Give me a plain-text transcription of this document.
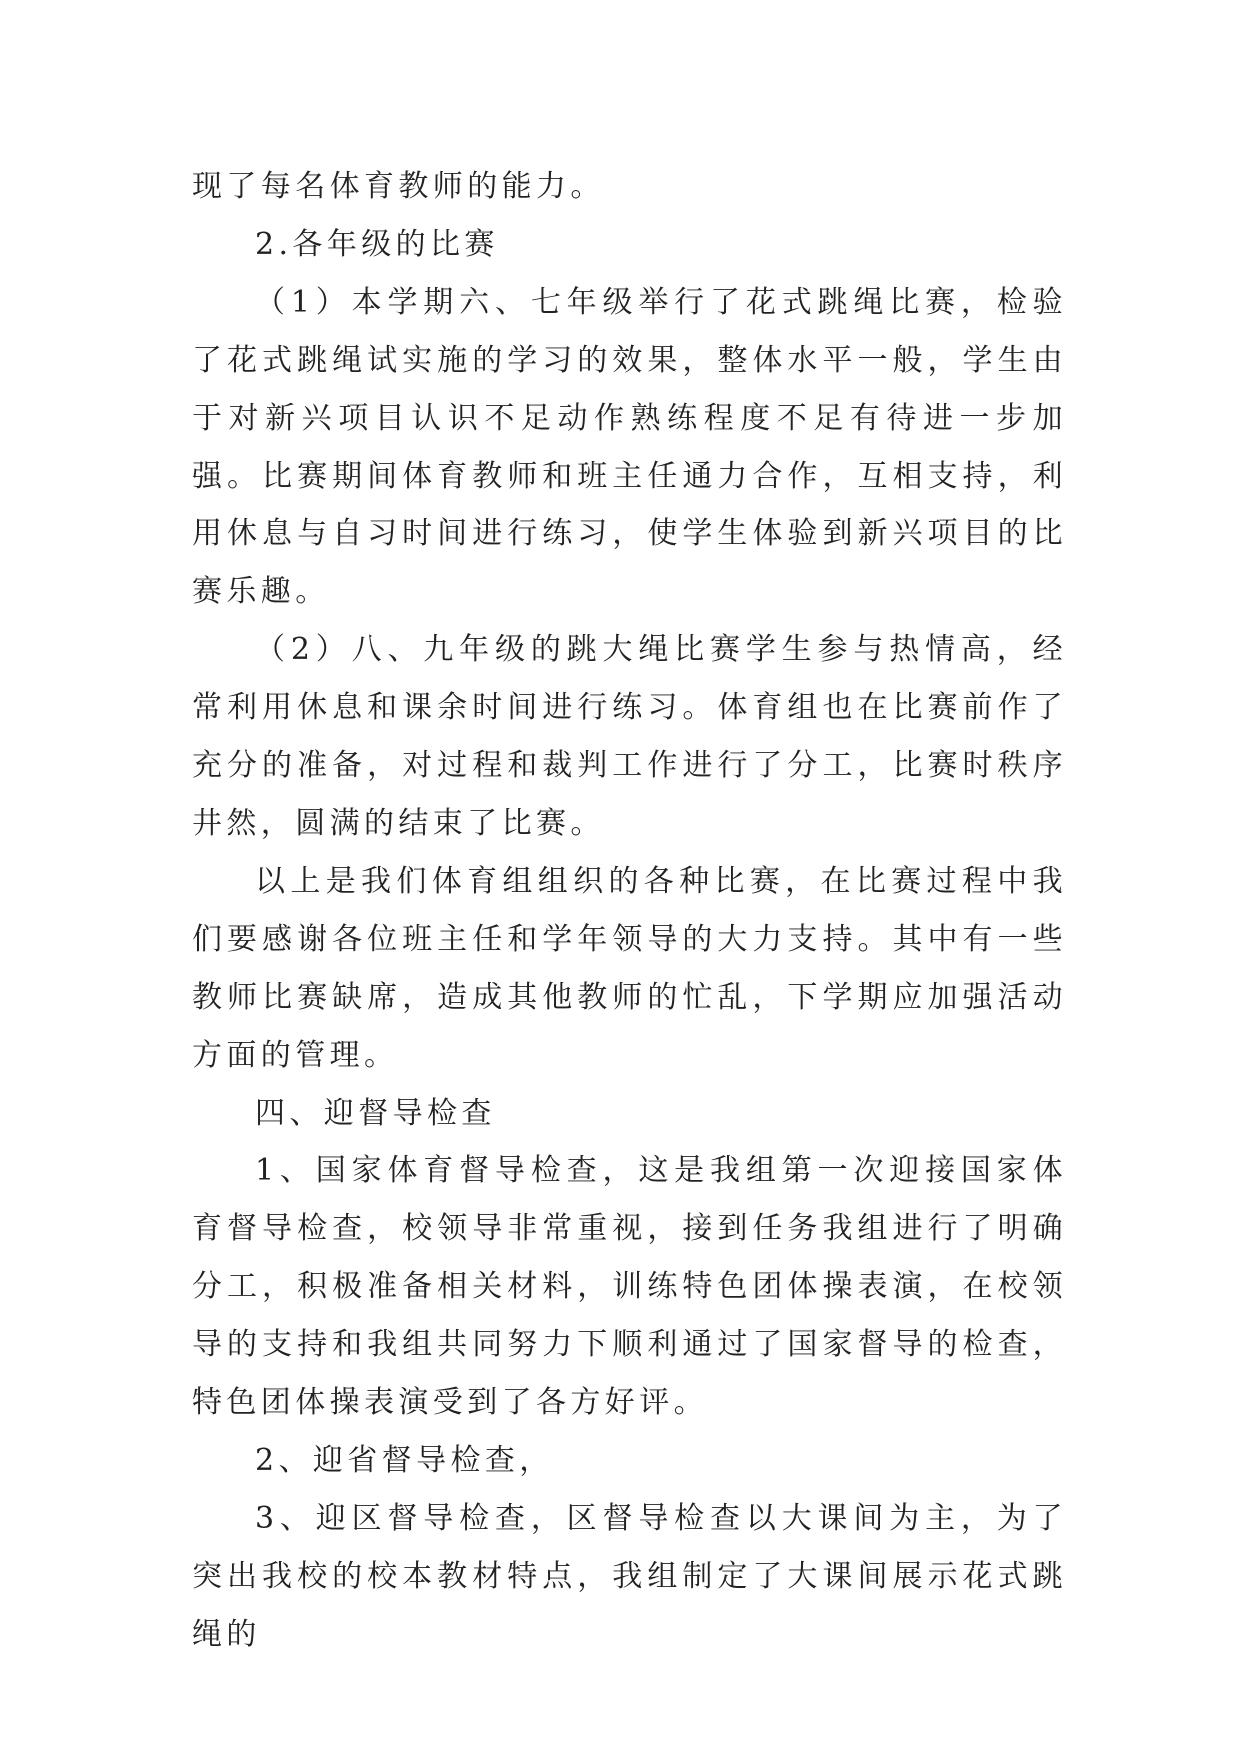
现了每名体育教师的能力。

2.各年级的比赛

（1）本学期六、七年级举行了花式跳绳比赛，检验了花式跳绳试实施的学习的效果，整体水平一般，学生由于对新兴项目认识不足动作熟练程度不足有待进一步加强。比赛期间体育教师和班主任通力合作，互相支持，利用休息与自习时间进行练习，使学生体验到新兴项目的比赛乐趣。

（2）八、九年级的跳大绳比赛学生参与热情高，经常利用休息和课余时间进行练习。体育组也在比赛前作了充分的准备，对过程和裁判工作进行了分工，比赛时秩序井然，圆满的结束了比赛。

以上是我们体育组组织的各种比赛，在比赛过程中我们要感谢各位班主任和学年领导的大力支持。其中有一些教师比赛缺席，造成其他教师的忙乱，下学期应加强活动方面的管理。

四、迎督导检查

1、国家体育督导检查，这是我组第一次迎接国家体育督导检查，校领导非常重视，接到任务我组进行了明确分工，积极准备相关材料，训练特色团体操表演，在校领导的支持和我组共同努力下顺利通过了国家督导的检查，特色团体操表演受到了各方好评。

2、迎省督导检查，

3、迎区督导检查，区督导检查以大课间为主，为了突出我校的校本教材特点，我组制定了大课间展示花式跳绳的
